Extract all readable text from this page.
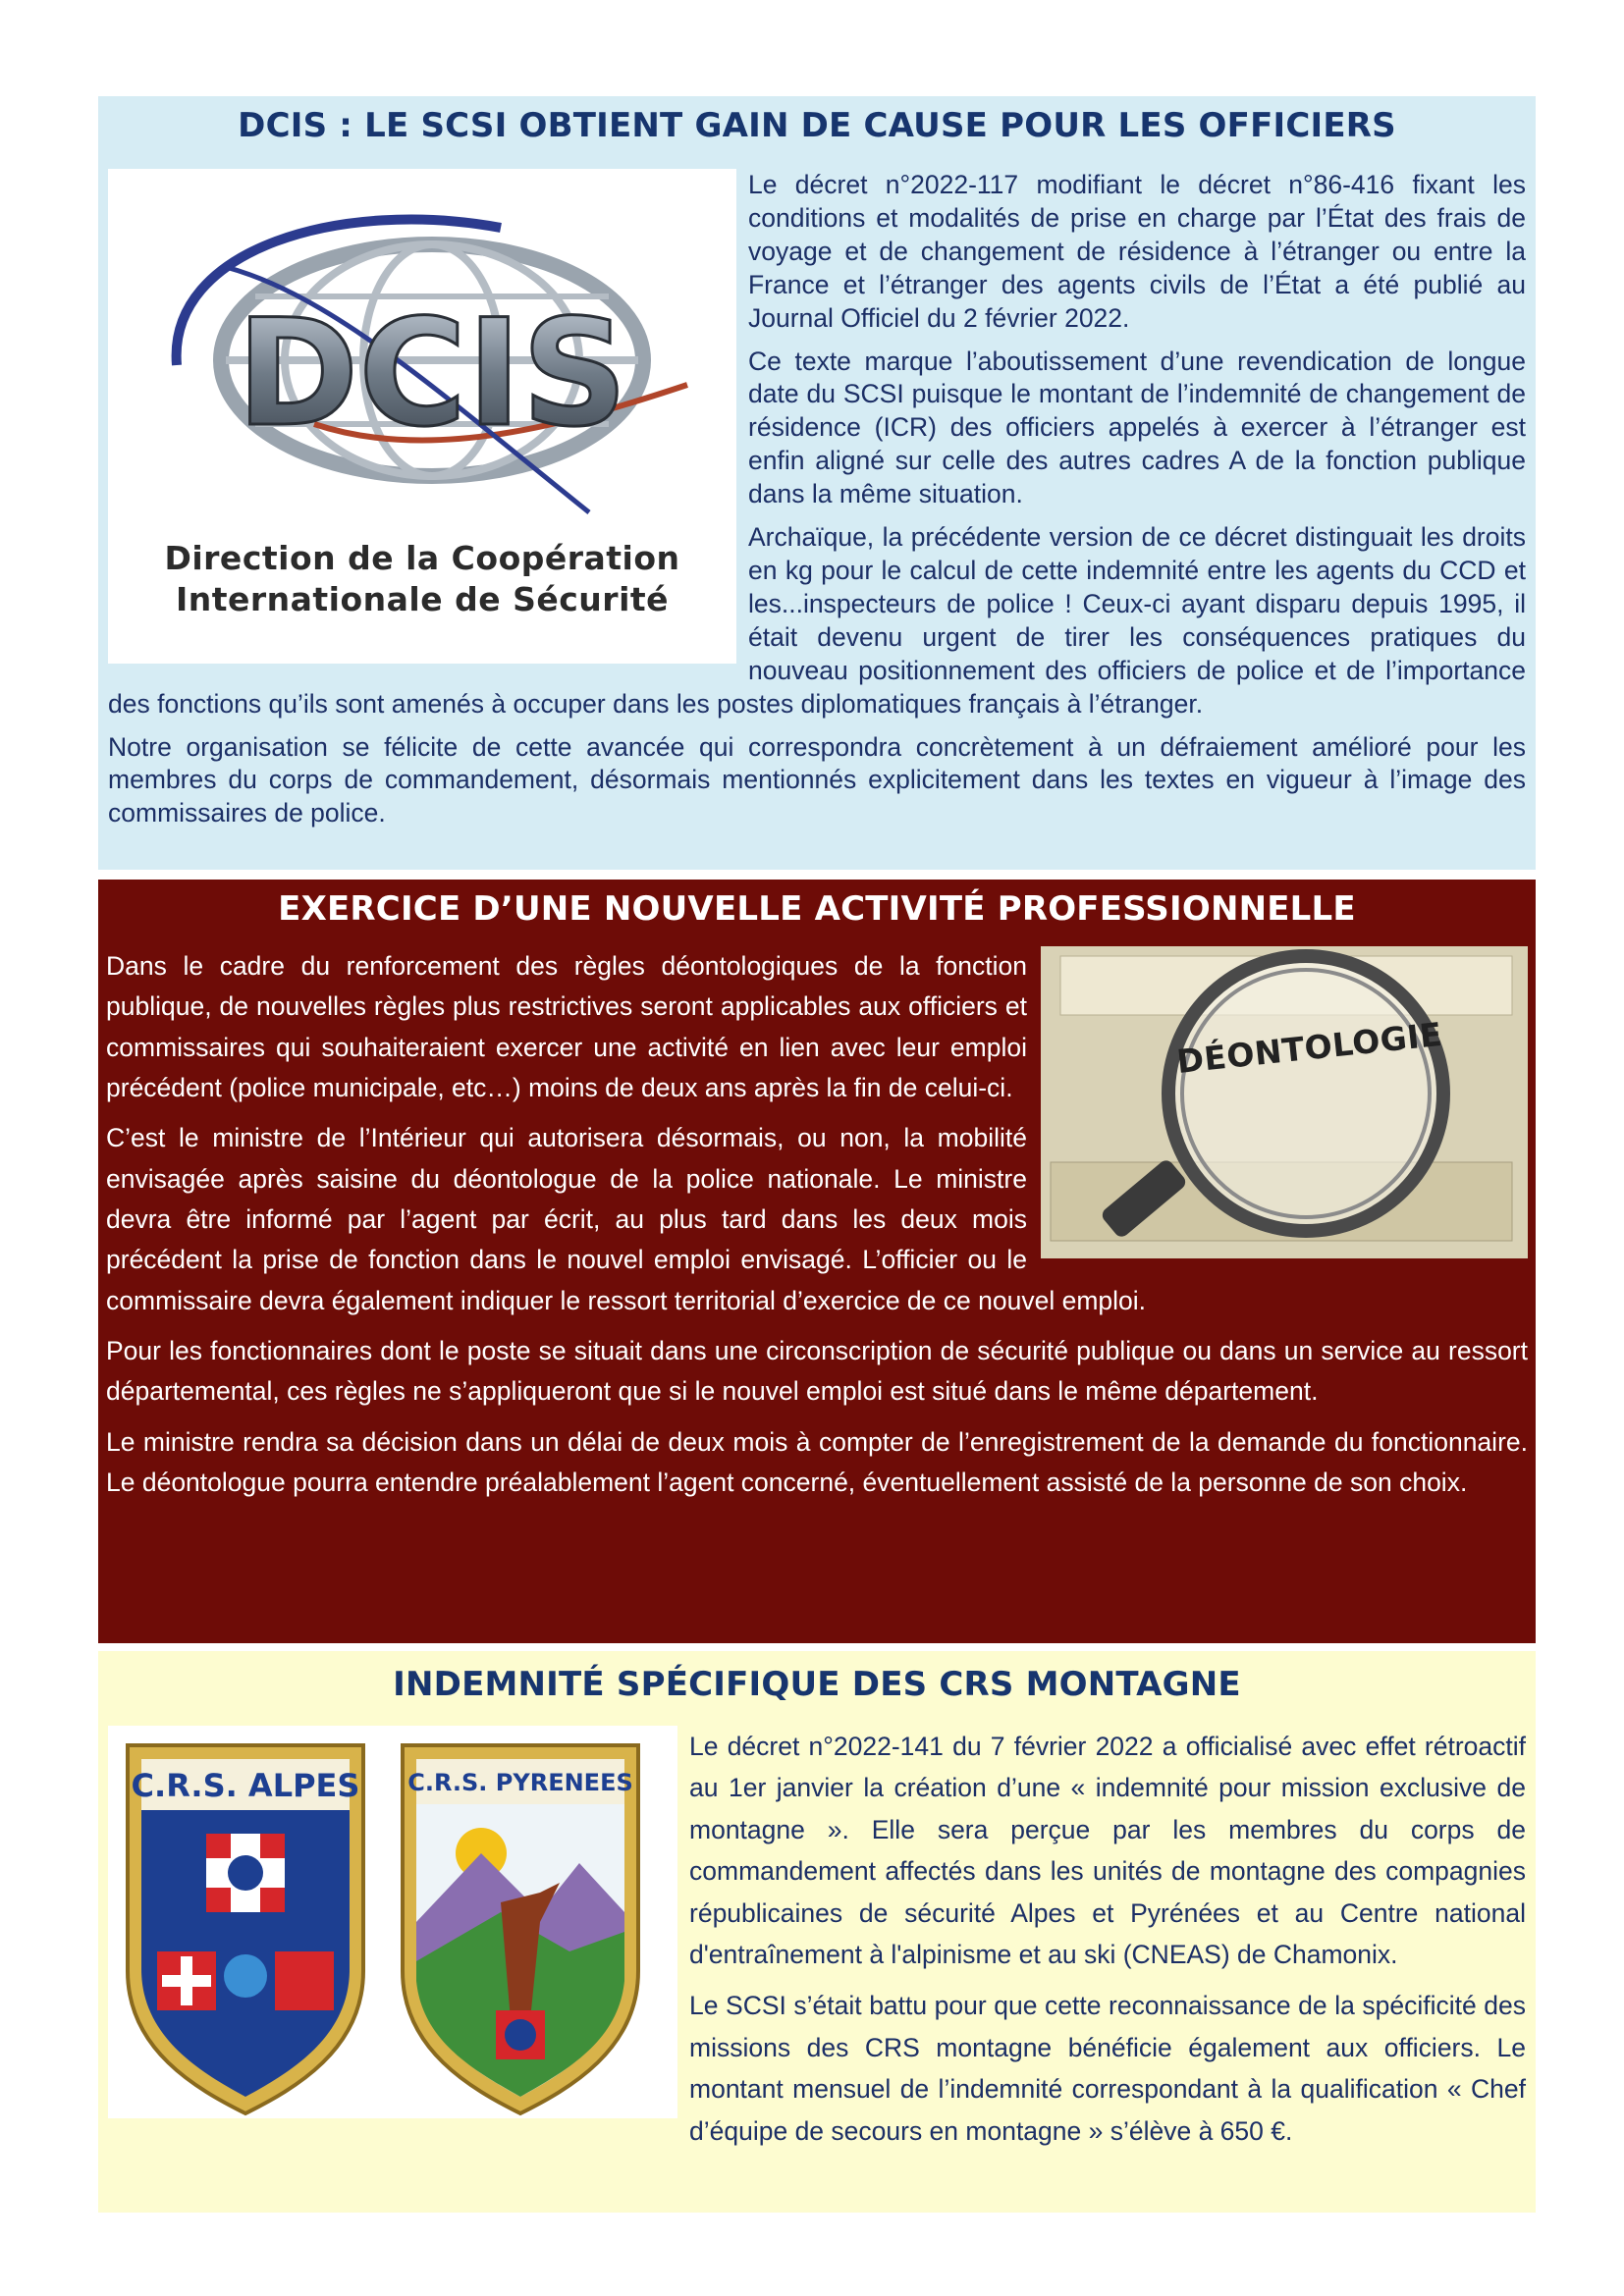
DCIS : LE SCSI OBTIENT GAIN DE CAUSE POUR LES OFFICIERS
DCIS
Direction de la Coopération
Internationale de Sécurité

Le décret n°2022-117 modifiant le décret n°86-416 fixant les conditions et modalités de prise en charge par l’État des frais de voyage et de changement de résidence à l’étranger ou entre la France et l’étranger des agents civils de l’État a été publié au Journal Officiel du 2 février 2022.

Ce texte marque l’aboutissement d’une revendication de longue date du SCSI puisque le montant de l’indemnité de changement de résidence (ICR) des officiers appelés à exercer à l’étranger est enfin aligné sur celle des autres cadres A de la fonction publique dans la même situation.

Archaïque, la précédente version de ce décret distinguait les droits en kg pour le calcul de cette indemnité entre les agents du CCD et les...inspecteurs de police ! Ceux-ci ayant disparu depuis 1995, il était devenu urgent de tirer les conséquences pratiques du nouveau positionnement des officiers de police et de l’importance des fonctions qu’ils sont amenés à occuper dans les postes diplomatiques français à l’étranger.

Notre organisation se félicite de cette avancée qui correspondra concrètement à un défraiement amélioré pour les membres du corps de commandement, désormais mentionnés explicitement dans les textes en vigueur à l’image des commissaires de police.

EXERCICE D’UNE NOUVELLE ACTIVITÉ PROFESSIONNELLE
DÉONTOLOGIE

Dans le cadre du renforcement des règles déontologiques de la fonction publique, de nouvelles règles plus restrictives seront applicables aux officiers et commissaires qui souhaiteraient exercer une activité en lien avec leur emploi précédent (police municipale, etc…) moins de deux ans après la fin de celui-ci.

C’est le ministre de l’Intérieur qui autorisera désormais, ou non, la mobilité envisagée après saisine du déontologue de la police nationale. Le ministre devra être informé par l’agent par écrit, au plus tard dans les deux mois précédent la prise de fonction dans le nouvel emploi envisagé. L’officier ou le commissaire devra également indiquer le ressort territorial d’exercice de ce nouvel emploi.

Pour les fonctionnaires dont le poste se situait dans une circonscription de sécurité publique ou dans un service au ressort départemental, ces règles ne s’appliqueront que si le nouvel emploi est situé dans le même département.

Le ministre rendra sa décision dans un délai de deux mois à compter de l’enregistrement de la demande du fonctionnaire. Le déontologue pourra entendre préalablement l’agent concerné, éventuellement assisté de la personne de son choix.

INDEMNITÉ SPÉCIFIQUE DES CRS MONTAGNE
C.R.S. ALPES C.R.S. PYRENEES

Le décret n°2022-141 du 7 février 2022 a officialisé avec effet rétroactif au 1er janvier la création d’une « indemnité pour mission exclusive de montagne ». Elle sera perçue par les membres du corps de commandement affectés dans les unités de montagne des compagnies républicaines de sécurité Alpes et Pyrénées et au Centre national d'entraînement à l'alpinisme et au ski (CNEAS) de Chamonix.

Le SCSI s’était battu pour que cette reconnaissance de la spécificité des missions des CRS montagne bénéficie également aux officiers. Le montant mensuel de l’indemnité correspondant à la qualification « Chef d’équipe de secours en montagne » s’élève à 650 €.
